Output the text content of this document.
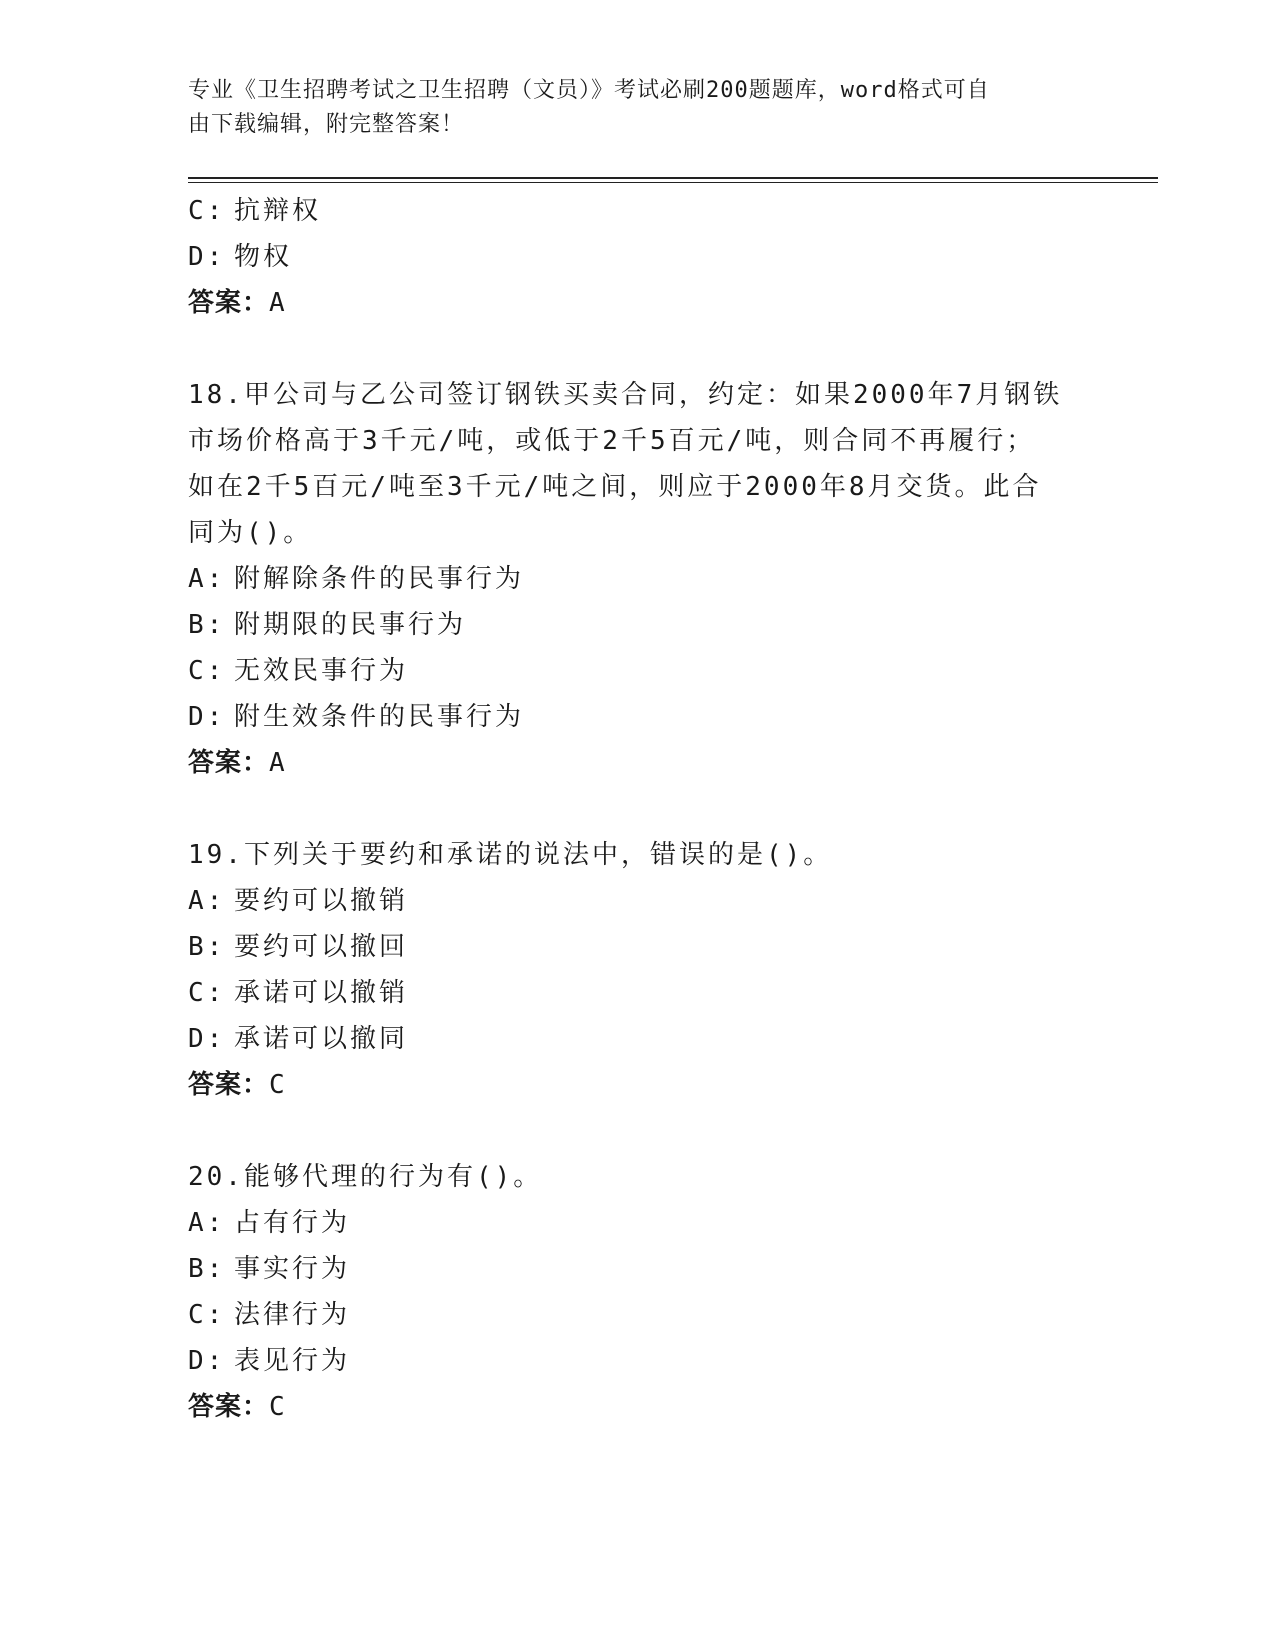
专业《卫生招聘考试之卫生招聘（文员）》考试必刷200题题库，word格式可自
由下载编辑，附完整答案！
C: 抗辩权
D: 物权
答案：A
18.甲公司与乙公司签订钢铁买卖合同，约定：如果2000年7月钢铁
市场价格高于3千元/吨，或低于2千5百元/吨，则合同不再履行；
如在2千5百元/吨至3千元/吨之间，则应于2000年8月交货。此合
同为()。
A: 附解除条件的民事行为
B: 附期限的民事行为
C: 无效民事行为
D: 附生效条件的民事行为
答案：A
19.下列关于要约和承诺的说法中，错误的是()。
A: 要约可以撤销
B: 要约可以撤回
C: 承诺可以撤销
D: 承诺可以撤同
答案：C
20.能够代理的行为有()。
A: 占有行为
B: 事实行为
C: 法律行为
D: 表见行为
答案：C
